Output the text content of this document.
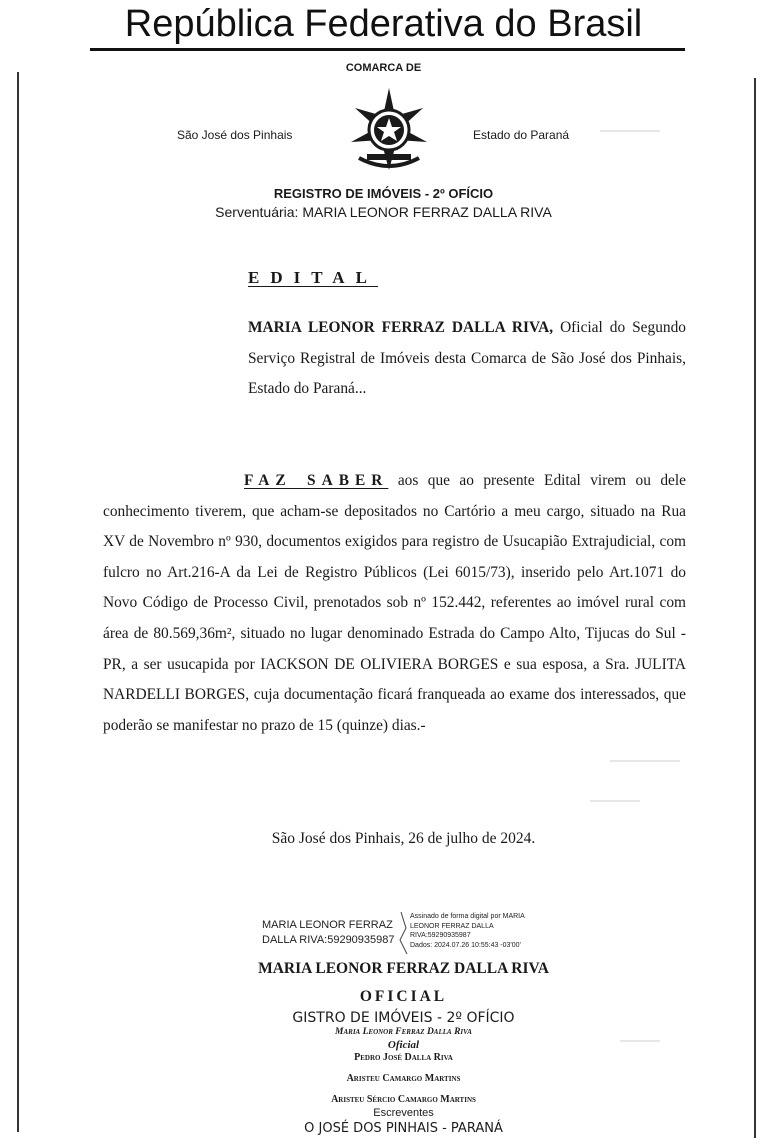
República Federativa do Brasil
COMARCA DE
São José dos Pinhais	Estado do Paraná
REGISTRO DE IMÓVEIS - 2º OFÍCIO
Serventuária: MARIA LEONOR FERRAZ DALLA RIVA
EDITAL
MARIA LEONOR FERRAZ DALLA RIVA, Oficial do Segundo Serviço Registral de Imóveis desta Comarca de São José dos Pinhais, Estado do Paraná...
FAZ SABER aos que ao presente Edital virem ou dele conhecimento tiverem, que acham-se depositados no Cartório a meu cargo, situado na Rua XV de Novembro nº 930, documentos exigidos para registro de Usucapião Extrajudicial, com fulcro no Art.216-A da Lei de Registro Públicos (Lei 6015/73), inserido pelo Art.1071 do Novo Código de Processo Civil, prenotados sob nº 152.442, referentes ao imóvel rural com área de 80.569,36m², situado no lugar denominado Estrada do Campo Alto, Tijucas do Sul - PR, a ser usucapida por IACKSON DE OLIVIERA BORGES e sua esposa, a Sra. JULITA NARDELLI BORGES, cuja documentação ficará franqueada ao exame dos interessados, que poderão se manifestar no prazo de 15 (quinze) dias.-
São José dos Pinhais, 26 de julho de 2024.
MARIA LEONOR FERRAZ
DALLA RIVA:59290935987
Assinado de forma digital por MARIA
LEONOR FERRAZ DALLA
RIVA:59290935987
Dados: 2024.07.26 10:55:43 -03'00'
MARIA LEONOR FERRAZ DALLA RIVA
OFICIAL
GISTRO DE IMÓVEIS - 2º OFÍCIO
Maria Leonor Ferraz Dalla Riva
Oficial
Pedro José Dalla Riva
Aristeu Camargo Martins
Aristeu Sércio Camargo Martins
Escreventes
O JOSÉ DOS PINHAIS - PARANÁ
